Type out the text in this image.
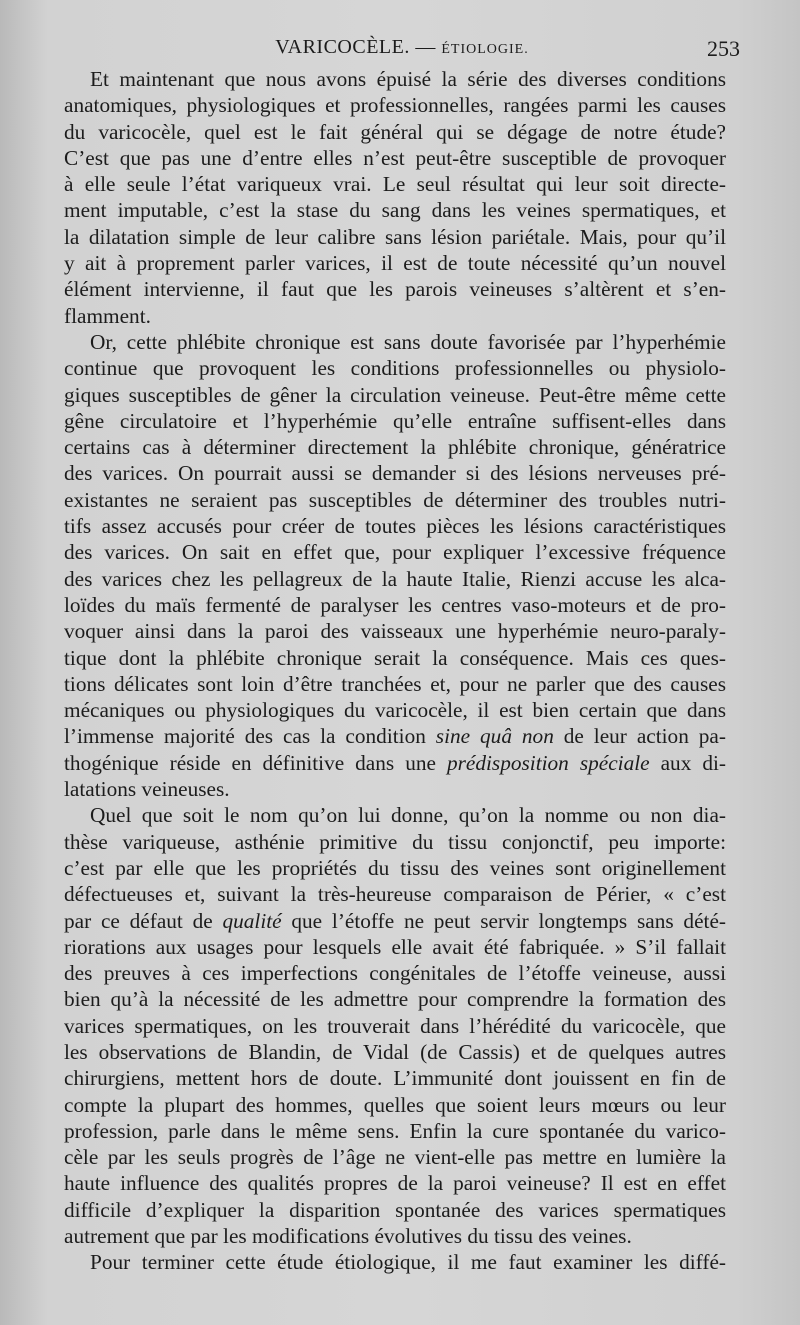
VARICOCÈLE. — ÉTIOLOGIE.	253
Et maintenant que nous avons épuisé la série des diverses conditions
anatomiques, physiologiques et professionnelles, rangées parmi les causes
du varicocèle, quel est le fait général qui se dégage de notre étude?
C’est que pas une d’entre elles n’est peut-être susceptible de provoquer
à elle seule l’état variqueux vrai. Le seul résultat qui leur soit directe-
ment imputable, c’est la stase du sang dans les veines spermatiques, et
la dilatation simple de leur calibre sans lésion pariétale. Mais, pour qu’il
y ait à proprement parler varices, il est de toute nécessité qu’un nouvel
élément intervienne, il faut que les parois veineuses s’altèrent et s’en-
flamment.
Or, cette phlébite chronique est sans doute favorisée par l’hyperhémie
continue que provoquent les conditions professionnelles ou physiolo-
giques susceptibles de gêner la circulation veineuse. Peut-être même cette
gêne circulatoire et l’hyperhémie qu’elle entraîne suffisent-elles dans
certains cas à déterminer directement la phlébite chronique, génératrice
des varices. On pourrait aussi se demander si des lésions nerveuses pré-
existantes ne seraient pas susceptibles de déterminer des troubles nutri-
tifs assez accusés pour créer de toutes pièces les lésions caractéristiques
des varices. On sait en effet que, pour expliquer l’excessive fréquence
des varices chez les pellagreux de la haute Italie, Rienzi accuse les alca-
loïdes du maïs fermenté de paralyser les centres vaso-moteurs et de pro-
voquer ainsi dans la paroi des vaisseaux une hyperhémie neuro-paraly-
tique dont la phlébite chronique serait la conséquence. Mais ces ques-
tions délicates sont loin d’être tranchées et, pour ne parler que des causes
mécaniques ou physiologiques du varicocèle, il est bien certain que dans
l’immense majorité des cas la condition sine quâ non de leur action pa-
thogénique réside en définitive dans une prédisposition spéciale aux di-
latations veineuses.
Quel que soit le nom qu’on lui donne, qu’on la nomme ou non dia-
thèse variqueuse, asthénie primitive du tissu conjonctif, peu importe:
c’est par elle que les propriétés du tissu des veines sont originellement
défectueuses et, suivant la très-heureuse comparaison de Périer, « c’est
par ce défaut de qualité que l’étoffe ne peut servir longtemps sans dété-
riorations aux usages pour lesquels elle avait été fabriquée. » S’il fallait
des preuves à ces imperfections congénitales de l’étoffe veineuse, aussi
bien qu’à la nécessité de les admettre pour comprendre la formation des
varices spermatiques, on les trouverait dans l’hérédité du varicocèle, que
les observations de Blandin, de Vidal (de Cassis) et de quelques autres
chirurgiens, mettent hors de doute. L’immunité dont jouissent en fin de
compte la plupart des hommes, quelles que soient leurs mœurs ou leur
profession, parle dans le même sens. Enfin la cure spontanée du varico-
cèle par les seuls progrès de l’âge ne vient-elle pas mettre en lumière la
haute influence des qualités propres de la paroi veineuse? Il est en effet
difficile d’expliquer la disparition spontanée des varices spermatiques
autrement que par les modifications évolutives du tissu des veines.
Pour terminer cette étude étiologique, il me faut examiner les diffé-
